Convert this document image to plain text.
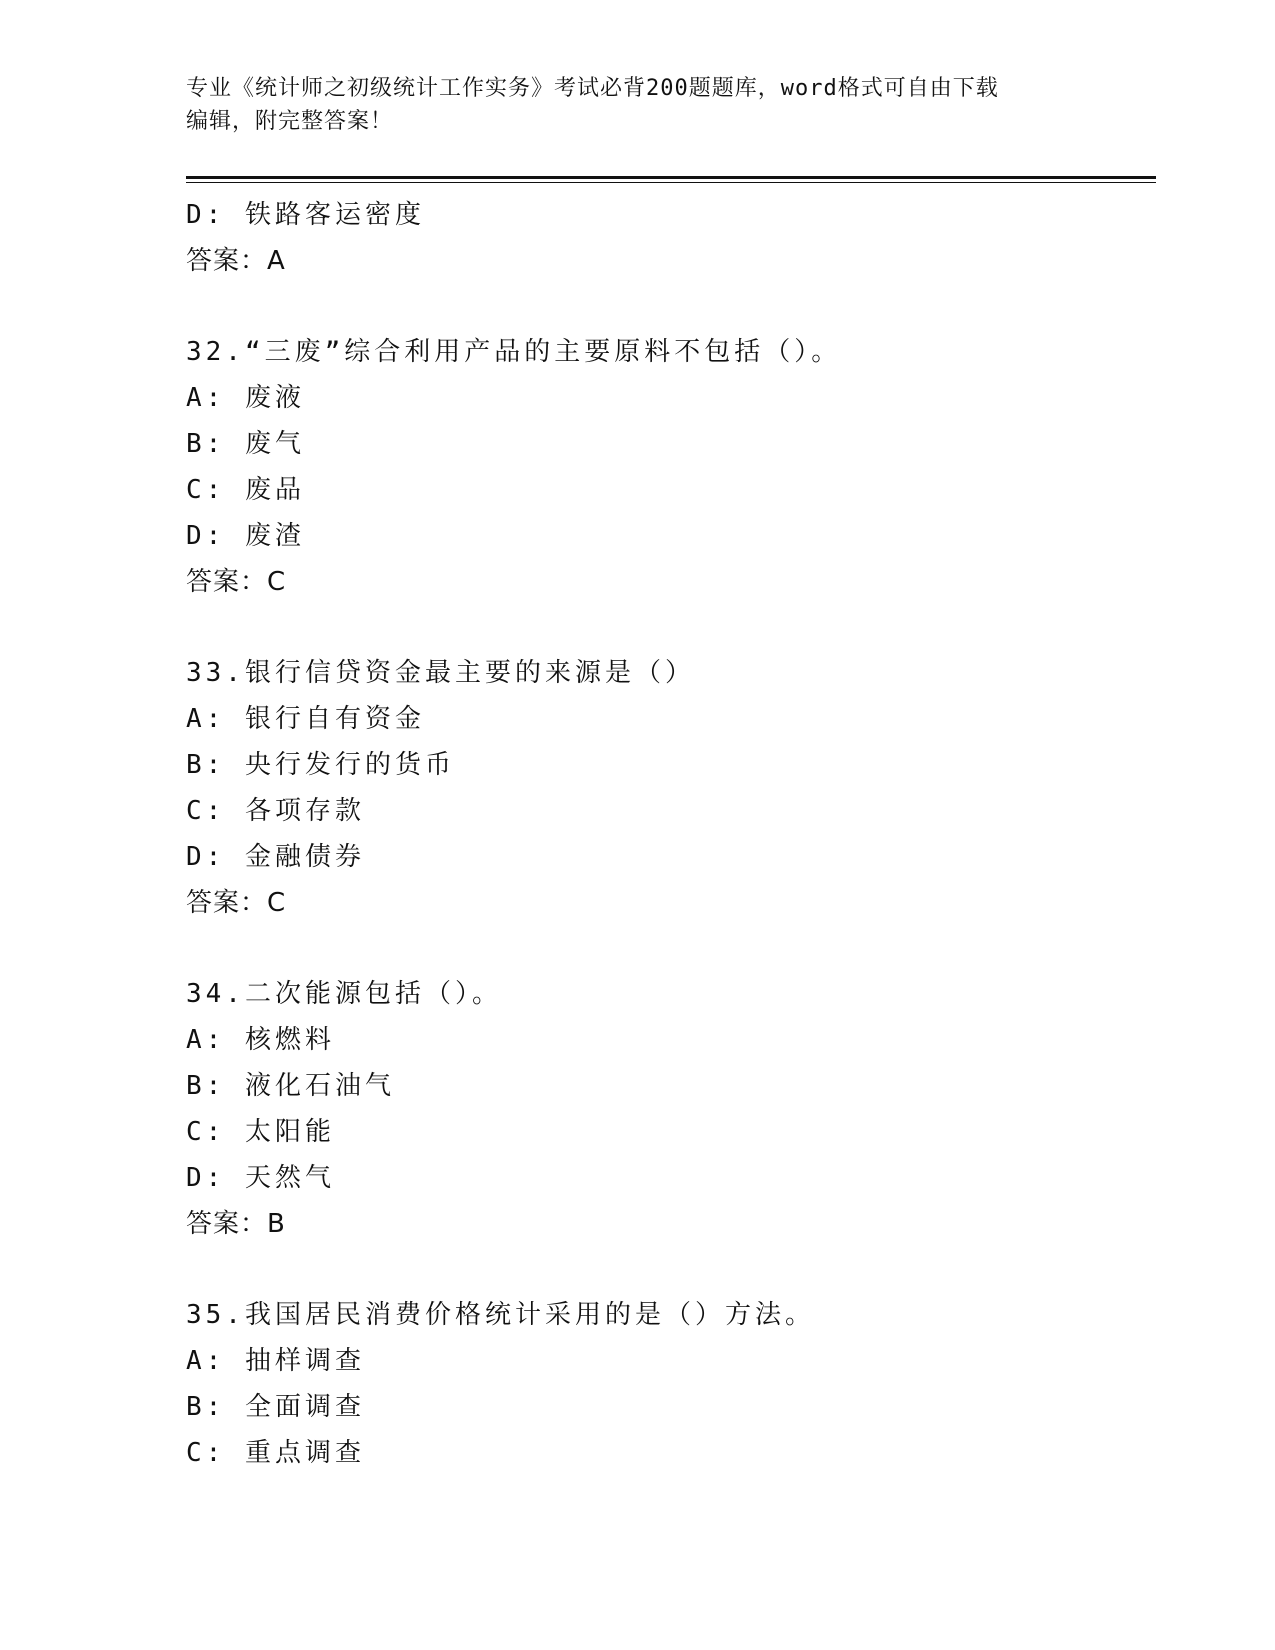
专业《统计师之初级统计工作实务》考试必背200题题库，word格式可自由下载
编辑，附完整答案！
D: 铁路客运密度
答案：A
32.“三废”综合利用产品的主要原料不包括（）。
A: 废液
B: 废气
C: 废品
D: 废渣
答案：C
33.银行信贷资金最主要的来源是（）
A: 银行自有资金
B: 央行发行的货币
C: 各项存款
D: 金融债券
答案：C
34.二次能源包括（）。
A: 核燃料
B: 液化石油气
C: 太阳能
D: 天然气
答案：B
35.我国居民消费价格统计采用的是（）方法。
A: 抽样调查
B: 全面调查
C: 重点调查
